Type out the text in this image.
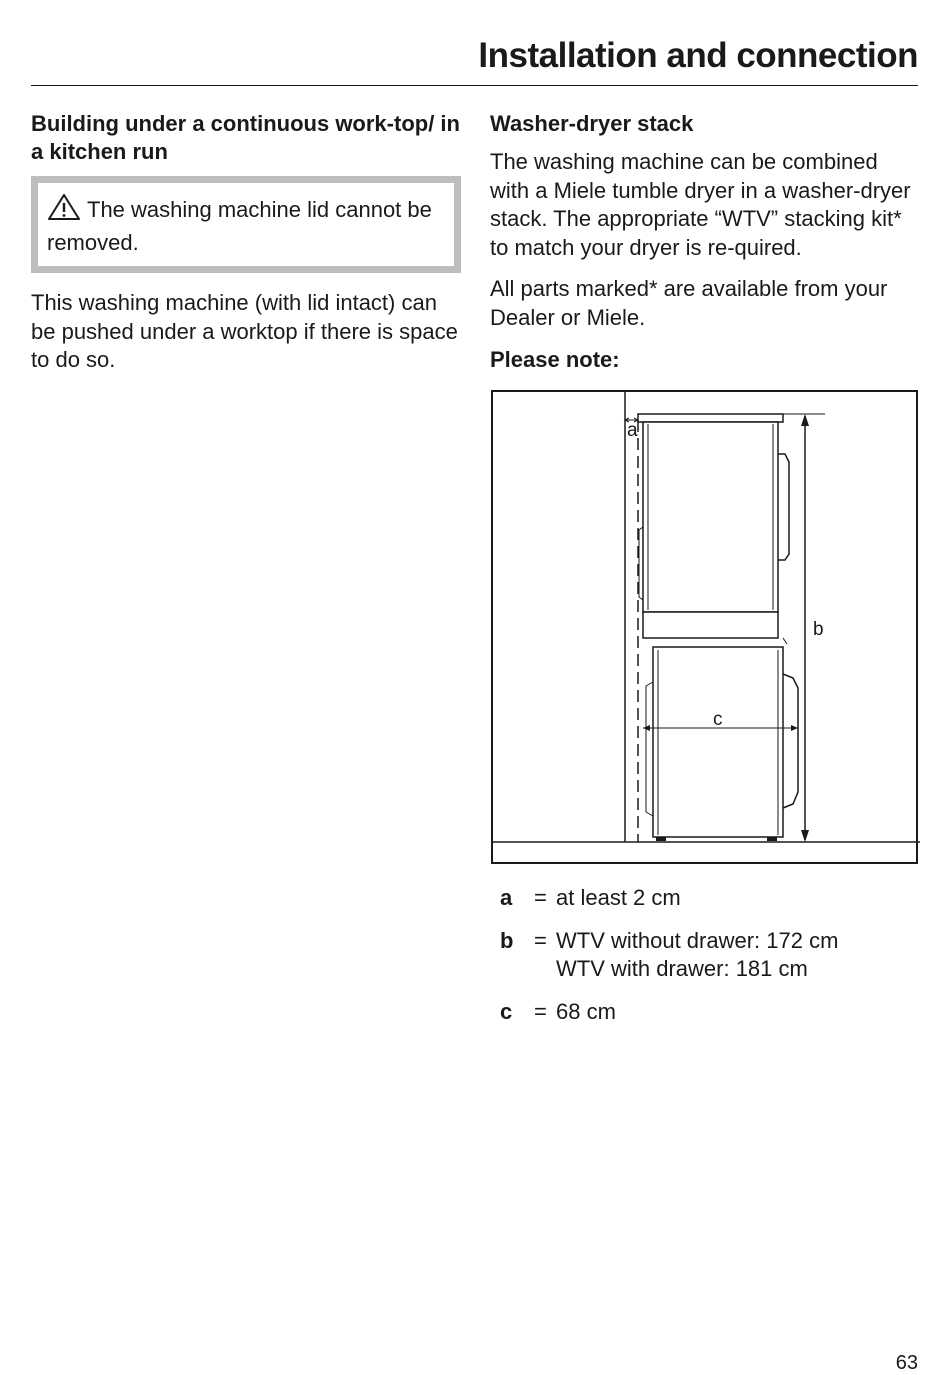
Installation and connection
Building under a continuous work-top/ in a kitchen run
The washing machine lid cannot be removed.

This washing machine (with lid intact) can be pushed under a worktop if there is space to do so.

Washer-dryer stack

The washing machine can be combined with a Miele tumble dryer in a washer-dryer stack. The appropriate “WTV” stacking kit* to match your dryer is re-quired.

All parts marked* are available from your Dealer or Miele.

Please note:
a
b
c
a = at least 2 cm
b = WTV without drawer: 172 cm
WTV with drawer: 181 cm
c = 68 cm
63
